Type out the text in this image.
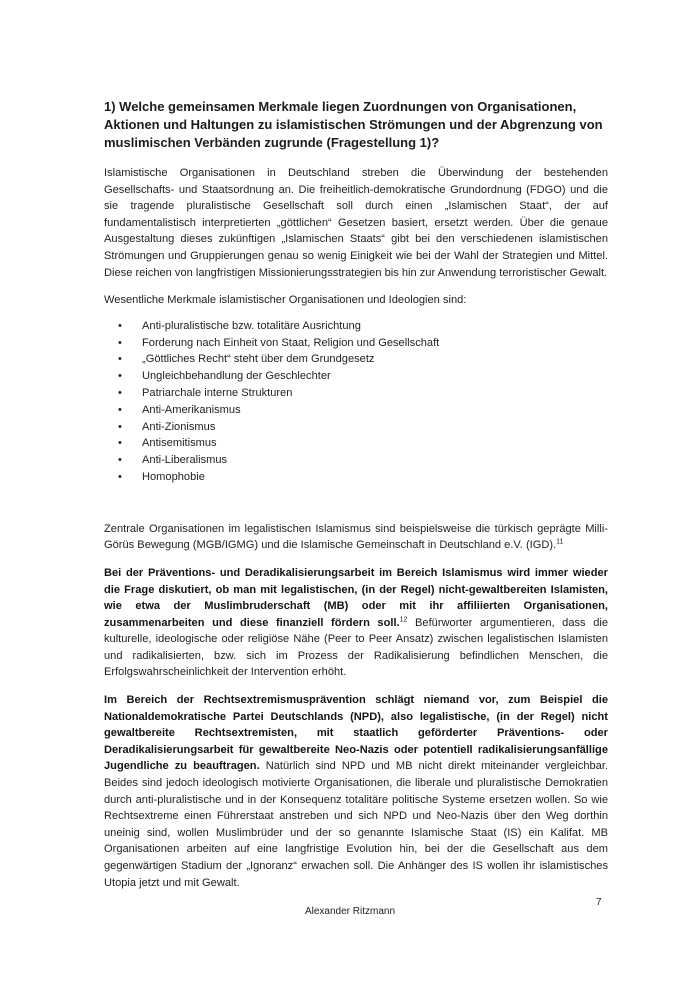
1) Welche gemeinsamen Merkmale liegen Zuordnungen von Organisationen, Aktionen und Haltungen zu islamistischen Strömungen und der Abgrenzung von muslimischen Verbänden zugrunde (Fragestellung 1)?

Islamistische Organisationen in Deutschland streben die Überwindung der bestehenden Gesellschafts- und Staatsordnung an. Die freiheitlich-demokratische Grundordnung (FDGO) und die sie tragende pluralistische Gesellschaft soll durch einen „Islamischen Staat“, der auf fundamentalistisch interpretierten „göttlichen“ Gesetzen basiert, ersetzt werden. Über die genaue Ausgestaltung dieses zukünftigen „Islamischen Staats“ gibt bei den verschiedenen islamistischen Strömungen und Gruppierungen genau so wenig Einigkeit wie bei der Wahl der Strategien und Mittel. Diese reichen von langfristigen Missionierungsstrategien bis hin zur Anwendung terroristischer Gewalt.

Wesentliche Merkmale islamistischer Organisationen und Ideologien sind:

• Anti-pluralistische bzw. totalitäre Ausrichtung
• Forderung nach Einheit von Staat, Religion und Gesellschaft
• „Göttliches Recht“ steht über dem Grundgesetz
• Ungleichbehandlung der Geschlechter
• Patriarchale interne Strukturen
• Anti-Amerikanismus
• Anti-Zionismus
• Antisemitismus
• Anti-Liberalismus
• Homophobie

Zentrale Organisationen im legalistischen Islamismus sind beispielsweise die türkisch geprägte Milli-Görüs Bewegung (MGB/IGMG) und die Islamische Gemeinschaft in Deutschland e.V. (IGD).$^{11}$

Bei der Präventions- und Deradikalisierungsarbeit im Bereich Islamismus wird immer wieder die Frage diskutiert, ob man mit legalistischen, (in der Regel) nicht-gewaltbereiten Islamisten, wie etwa der Muslimbruderschaft (MB) oder mit ihr affiliierten Organisationen, zusammenarbeiten und diese finanziell fördern soll.$^{12}$ Befürworter argumentieren, dass die kulturelle, ideologische oder religiöse Nähe (Peer to Peer Ansatz) zwischen legalistischen Islamisten und radikalisierten, bzw. sich im Prozess der Radikalisierung befindlichen Menschen, die Erfolgswahrscheinlichkeit der Intervention erhöht.

Im Bereich der Rechtsextremismusprävention schlägt niemand vor, zum Beispiel die Nationaldemokratische Partei Deutschlands (NPD), also legalistische, (in der Regel) nicht gewaltbereite Rechtsextremisten, mit staatlich geförderter Präventions- oder Deradikalisierungsarbeit für gewaltbereite Neo-Nazis oder potentiell radikalisierungsanfällige Jugendliche zu beauftragen. Natürlich sind NPD und MB nicht direkt miteinander vergleichbar. Beides sind jedoch ideologisch motivierte Organisationen, die liberale und pluralistische Demokratien durch anti-pluralistische und in der Konsequenz totalitäre politische Systeme ersetzen wollen. So wie Rechtsextreme einen Führerstaat anstreben und sich NPD und Neo-Nazis über den Weg dorthin uneinig sind, wollen Muslimbrüder und der so genannte Islamische Staat (IS) ein Kalifat. MB Organisationen arbeiten auf eine langfristige Evolution hin, bei der die Gesellschaft aus dem gegenwärtigen Stadium der „Ignoranz“ erwachen soll. Die Anhänger des IS wollen ihr islamistisches Utopia jetzt und mit Gewalt.

7
Alexander Ritzmann
